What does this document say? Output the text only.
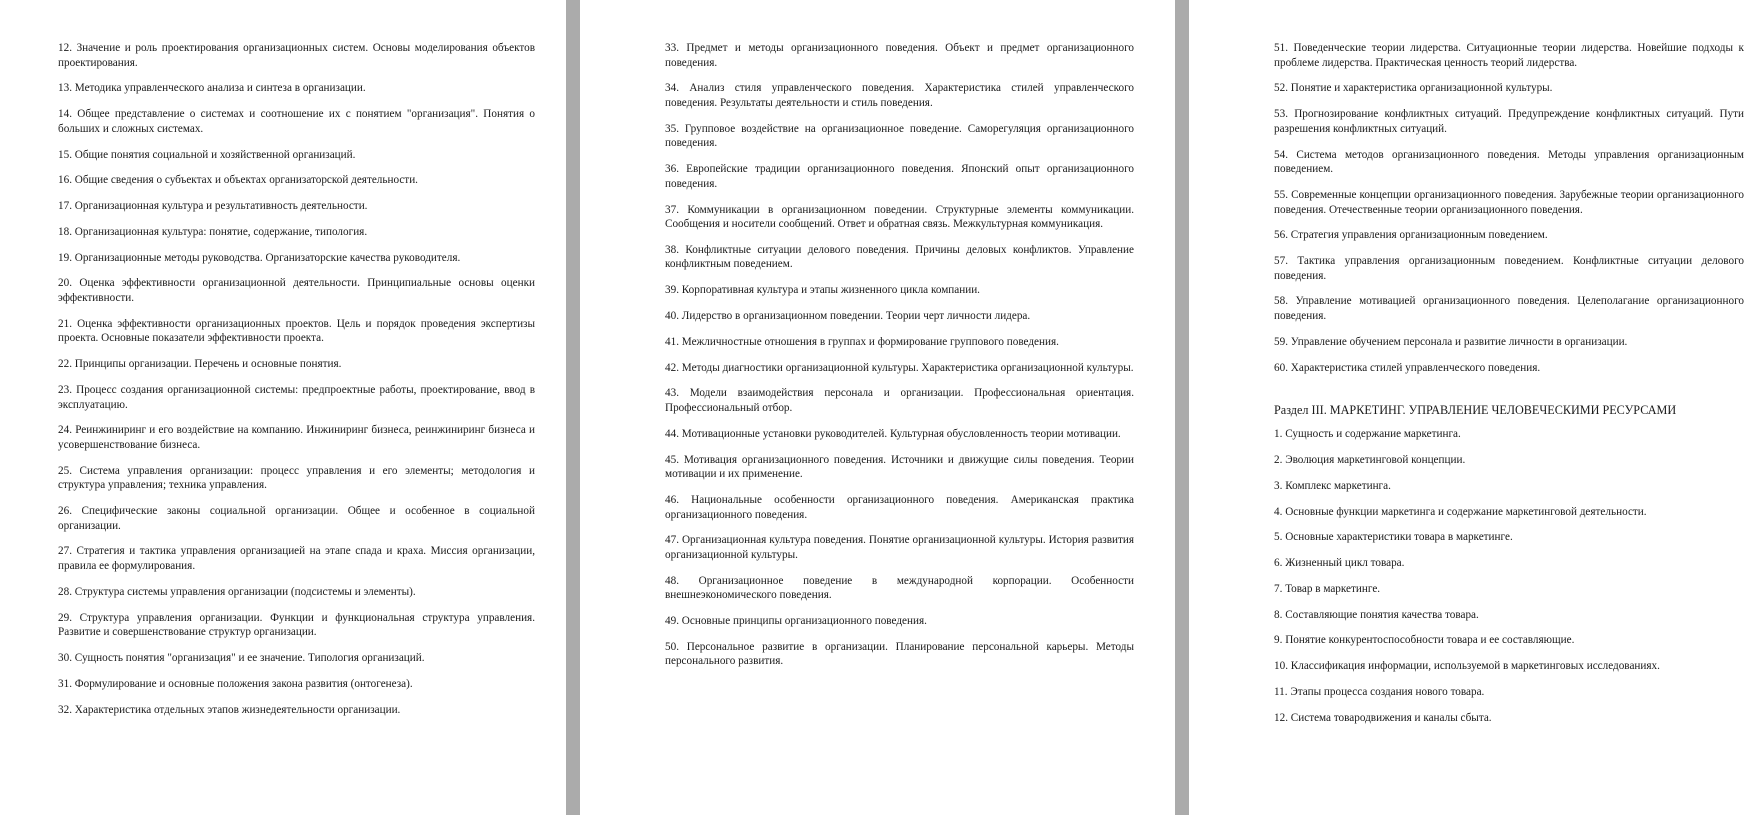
12. Значение и роль проектирования организационных систем. Основы моделирования объектов проектирования.

13. Методика управленческого анализа и синтеза в организации.

14. Общее представление о системах и соотношение их с понятием "организация". Понятия о больших и сложных системах.

15. Общие понятия социальной и хозяйственной организаций.

16. Общие сведения о субъектах и объектах организаторской деятельности.

17. Организационная культура и результативность деятельности.

18. Организационная культура: понятие, содержание, типология.

19. Организационные методы руководства. Организаторские качества руководителя.

20. Оценка эффективности организационной деятельности. Принципиальные основы оценки эффективности.

21. Оценка эффективности организационных проектов. Цель и порядок проведения экспертизы проекта. Основные показатели эффективности проекта.

22. Принципы организации. Перечень и основные понятия.

23. Процесс создания организационной системы: предпроектные работы, проектирование, ввод в эксплуатацию.

24. Реинжиниринг и его воздействие на компанию. Инжиниринг бизнеса, реинжиниринг бизнеса и усовершенствование бизнеса.

25. Система управления организации: процесс управления и его элементы; методология и структура управления; техника управления.

26. Специфические законы социальной организации. Общее и особенное в социальной организации.

27. Стратегия и тактика управления организацией на этапе спада и краха. Миссия организации, правила ее формулирования.

28. Структура системы управления организации (подсистемы и элементы).

29. Структура управления организации. Функции и функциональная структура управления. Развитие и совершенствование структур организации.

30. Сущность понятия "организация" и ее значение. Типология организаций.

31. Формулирование и основные положения закона развития (онтогенеза).

32. Характеристика отдельных этапов жизнедеятельности организации.

33. Предмет и методы организационного поведения. Объект и предмет организационного поведения.

34. Анализ стиля управленческого поведения. Характеристика стилей управленческого поведения. Результаты деятельности и стиль поведения.

35. Групповое воздействие на организационное поведение. Саморегуляция организационного поведения.

36. Европейские традиции организационного поведения. Японский опыт организационного поведения.

37. Коммуникации в организационном поведении. Структурные элементы коммуникации. Сообщения и носители сообщений. Ответ и обратная связь. Межкультурная коммуникация.

38. Конфликтные ситуации делового поведения. Причины деловых конфликтов. Управление конфликтным поведением.

39. Корпоративная культура и этапы жизненного цикла компании.

40. Лидерство в организационном поведении. Теории черт личности лидера.

41. Межличностные отношения в группах и формирование группового поведения.

42. Методы диагностики организационной культуры. Характеристика организационной культуры.

43. Модели взаимодействия персонала и организации. Профессиональная ориентация. Профессиональный отбор.

44. Мотивационные установки руководителей. Культурная обусловленность теории мотивации.

45. Мотивация организационного поведения. Источники и движущие силы поведения. Теории мотивации и их применение.

46. Национальные особенности организационного поведения. Американская практика организационного поведения.

47. Организационная культура поведения. Понятие организационной культуры. История развития организационной культуры.

48. Организационное поведение в международной корпорации. Особенности внешнеэкономического поведения.

49. Основные принципы организационного поведения.

50. Персональное развитие в организации. Планирование персональной карьеры. Методы персонального развития.

51. Поведенческие теории лидерства. Ситуационные теории лидерства. Новейшие подходы к проблеме лидерства. Практическая ценность теорий лидерства.

52. Понятие и характеристика организационной культуры.

53. Прогнозирование конфликтных ситуаций. Предупреждение конфликтных ситуаций. Пути разрешения конфликтных ситуаций.

54. Система методов организационного поведения. Методы управления организационным поведением.

55. Современные концепции организационного поведения. Зарубежные теории организационного поведения. Отечественные теории организационного поведения.

56. Стратегия управления организационным поведением.

57. Тактика управления организационным поведением. Конфликтные ситуации делового поведения.

58. Управление мотивацией организационного поведения. Целеполагание организационного поведения.

59. Управление обучением персонала и развитие личности в организации.

60. Характеристика стилей управленческого поведения.

Раздел III. МАРКЕТИНГ. УПРАВЛЕНИЕ ЧЕЛОВЕЧЕСКИМИ РЕСУРСАМИ

1. Сущность и содержание маркетинга.

2. Эволюция маркетинговой концепции.

3. Комплекс маркетинга.

4. Основные функции маркетинга и содержание маркетинговой деятельности.

5. Основные характеристики товара в маркетинге.

6. Жизненный цикл товара.

7. Товар в маркетинге.

8. Составляющие понятия качества товара.

9. Понятие конкурентоспособности товара и ее составляющие.

10. Классификация информации, используемой в маркетинговых исследованиях.

11. Этапы процесса создания нового товара.

12. Система товародвижения и каналы сбыта.
